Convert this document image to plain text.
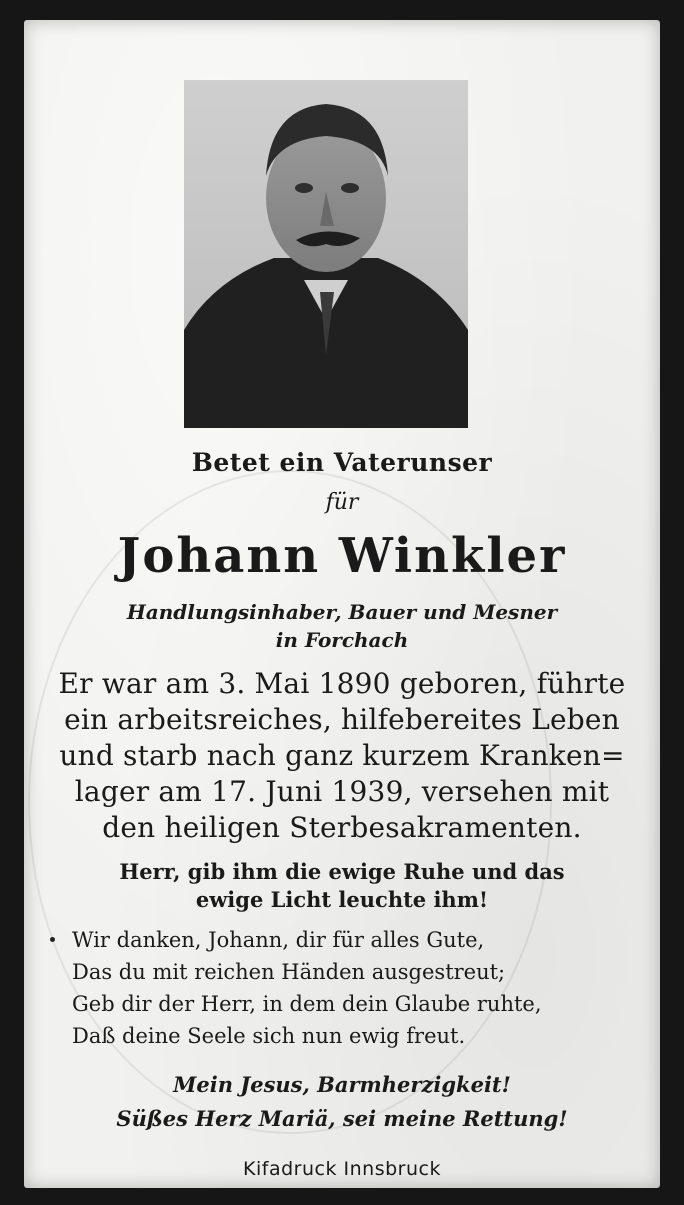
Betet ein Vaterunser
für
Johann Winkler
Handlungsinhaber, Bauer und Mesner
in Forchach
Er war am 3. Mai 1890 geboren, führte
ein arbeitsreiches, hilfebereites Leben
und starb nach ganz kurzem Kranken=
lager am 17. Juni 1939, versehen mit
den heiligen Sterbesakramenten.
Herr, gib ihm die ewige Ruhe und das
ewige Licht leuchte ihm!
Wir danken, Johann, dir für alles Gute,
Das du mit reichen Händen ausgestreut;
Geb dir der Herr, in dem dein Glaube ruhte,
Daß deine Seele sich nun ewig freut.
Mein Jesus, Barmherzigkeit!
Süßes Herz Mariä, sei meine Rettung!
Kifadruck Innsbruck
